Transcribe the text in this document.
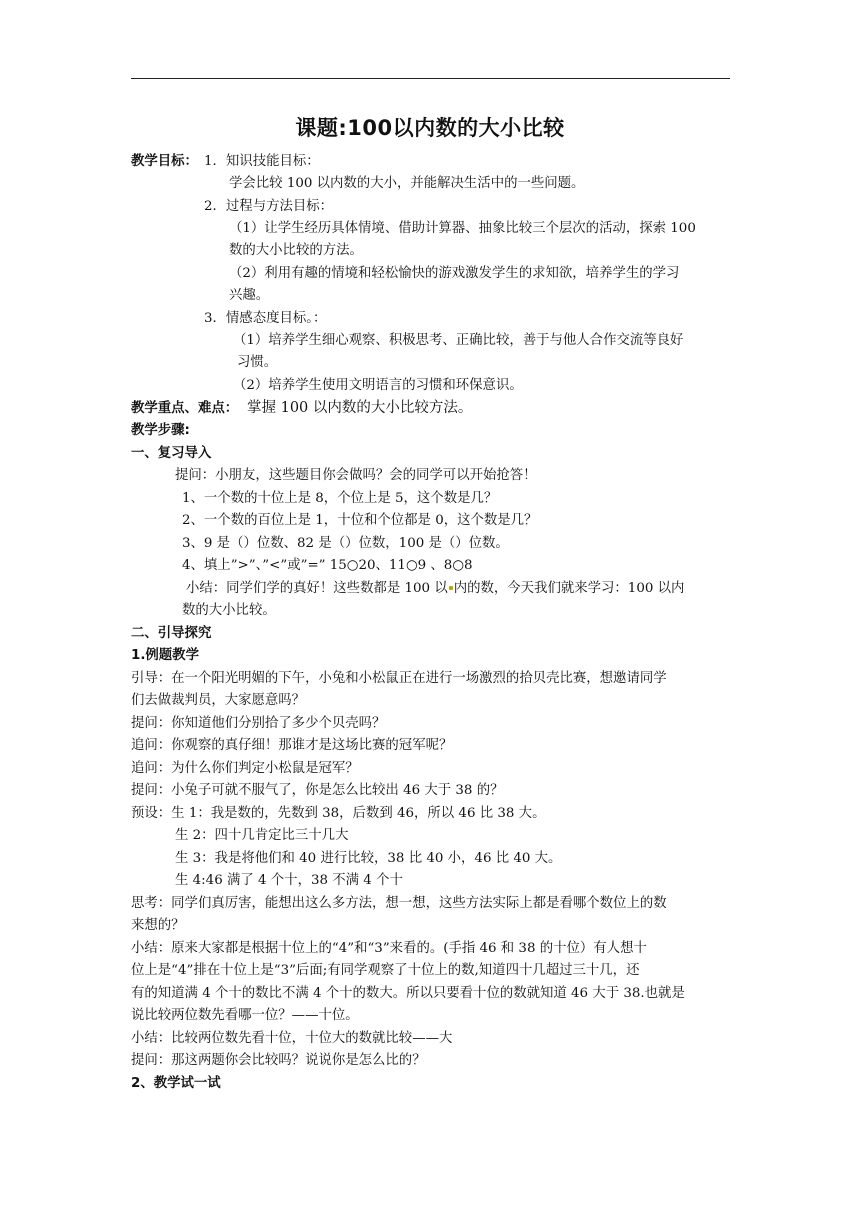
课题:100以内数的大小比较
教学目标： 1．知识技能目标：
学会比较 100 以内数的大小，并能解决生活中的一些问题。
2．过程与方法目标：
（1）让学生经历具体情境、借助计算器、抽象比较三个层次的活动，探索 100
数的大小比较的方法。
（2）利用有趣的情境和轻松愉快的游戏激发学生的求知欲，培养学生的学习
兴趣。
3．情感态度目标。：
（1）培养学生细心观察、积极思考、正确比较，善于与他人合作交流等良好
习惯。
（2）培养学生使用文明语言的习惯和环保意识。
教学重点、难点： 掌握 100 以内数的大小比较方法。
教学步骤:
一、复习导入
提问：小朋友，这些题目你会做吗？会的同学可以开始抢答！
1、一个数的十位上是 8，个位上是 5，这个数是几？
2、一个数的百位上是 1，十位和个位都是 0，这个数是几？
3、9 是（）位数、82 是（）位数，100 是（）位数。
4、填上”>”、”<”或”=” 15○20、11○9 、8○8
小结：同学们学的真好！这些数都是 100 以 内的数，今天我们就来学习：100 以内
数的大小比较。
二、引导探究
1.例题教学
引导：在一个阳光明媚的下午，小兔和小松鼠正在进行一场激烈的拾贝壳比赛，想邀请同学
们去做裁判员，大家愿意吗？
提问：你知道他们分别拾了多少个贝壳吗？
追问：你观察的真仔细！那谁才是这场比赛的冠军呢？
追问：为什么你们判定小松鼠是冠军？
提问：小兔子可就不服气了，你是怎么比较出 46 大于 38 的？
预设：生 1：我是数的，先数到 38，后数到 46，所以 46 比 38 大。
生 2：四十几肯定比三十几大
生 3：我是将他们和 40 进行比较，38 比 40 小，46 比 40 大。
生 4:46 满了 4 个十，38 不满 4 个十
思考：同学们真厉害，能想出这么多方法，想一想，这些方法实际上都是看哪个数位上的数
来想的？
小结：原来大家都是根据十位上的“4”和“3”来看的。(手指 46 和 38 的十位）有人想十
位上是“4”排在十位上是“3”后面;有同学观察了十位上的数,知道四十几超过三十几，还
有的知道满 4 个十的数比不满 4 个十的数大。所以只要看十位的数就知道 46 大于 38.也就是
说比较两位数先看哪一位？——十位。
小结：比较两位数先看十位，十位大的数就比较——大
提问：那这两题你会比较吗？说说你是怎么比的？
2、教学试一试
